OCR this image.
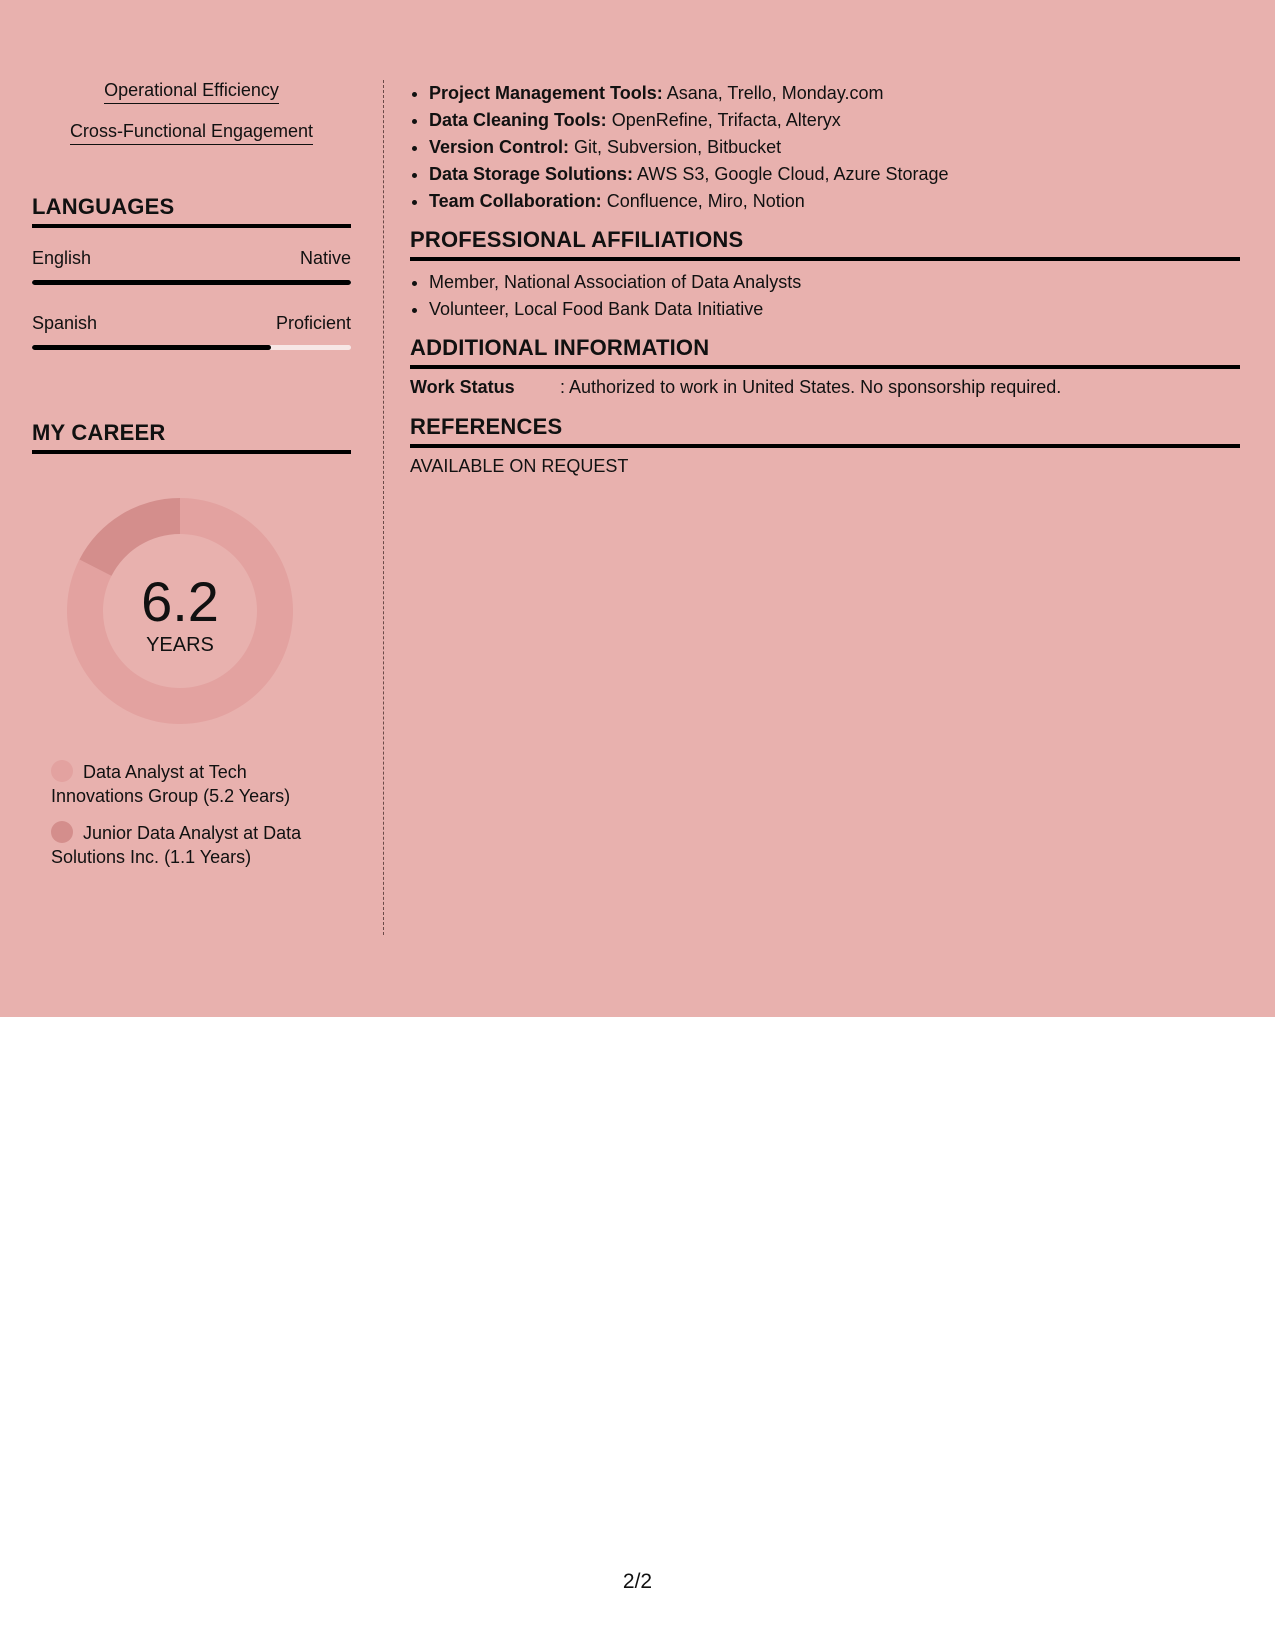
Operational Efficiency
Cross-Functional Engagement
LANGUAGES
English	Native
Spanish	Proficient
MY CAREER
6.2
YEARS
Data Analyst at Tech Innovations Group (5.2 Years)
Junior Data Analyst at Data Solutions Inc. (1.1 Years)
• Project Management Tools: Asana, Trello, Monday.com
• Data Cleaning Tools: OpenRefine, Trifacta, Alteryx
• Version Control: Git, Subversion, Bitbucket
• Data Storage Solutions: AWS S3, Google Cloud, Azure Storage
• Team Collaboration: Confluence, Miro, Notion
PROFESSIONAL AFFILIATIONS
• Member, National Association of Data Analysts
• Volunteer, Local Food Bank Data Initiative
ADDITIONAL INFORMATION
Work Status	: Authorized to work in United States. No sponsorship required.
REFERENCES
AVAILABLE ON REQUEST
2/2
